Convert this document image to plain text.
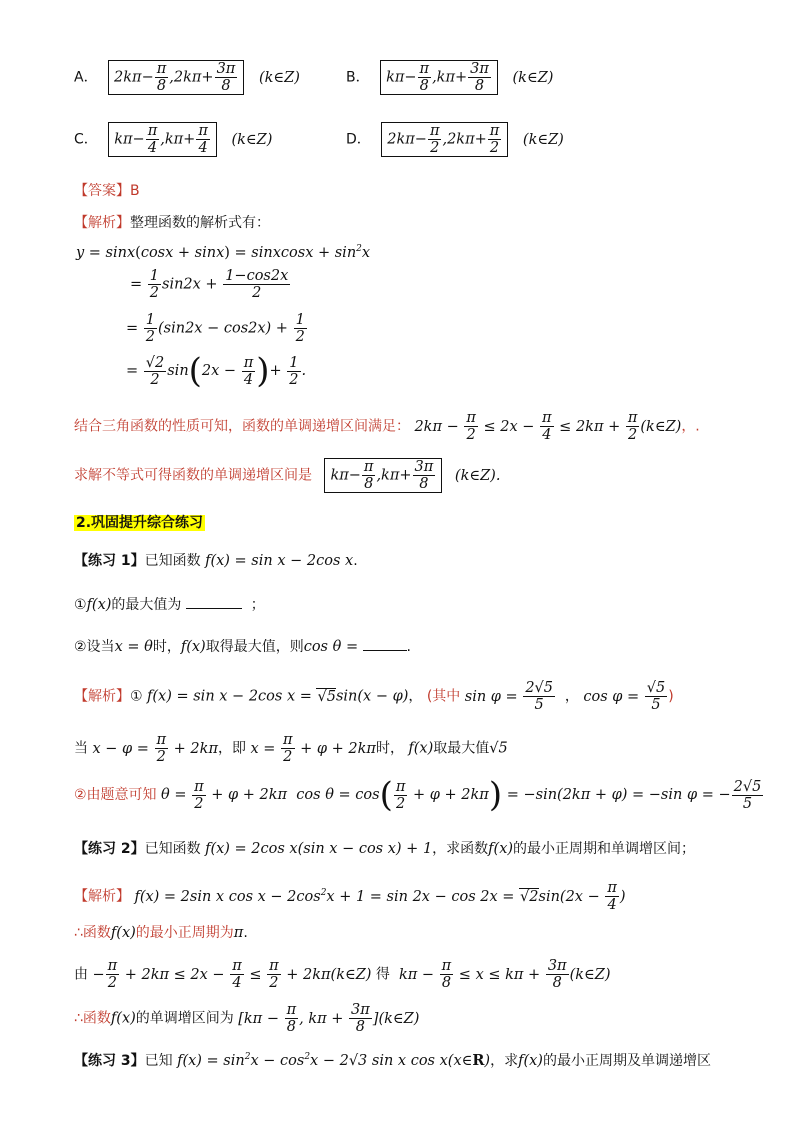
A． $2k\pi- \frac{\pi}{8} ,2k\pi+ \frac{3\pi}{8}$ (k∈Z)	B． $k\pi- \frac{\pi}{8} ,k\pi+ \frac{3\pi}{8}$ (k∈Z)
C． $k\pi- \frac{\pi}{4} ,k\pi+ \frac{\pi}{4}$ (k∈Z)	D． $2k\pi- \frac{\pi}{2} ,2k\pi+ \frac{\pi}{2}$ (k∈Z)
【答案】B
【解析】整理函数的解析式有：
y = sinx(cosx + sinx) = sinxcosx + $\sin^2x$
= $\frac{1}{2} \sin 2x + \frac{1-\cos 2x}{2}$
= $\frac{1}{2} (\sin 2x - \cos 2x) + \frac{1}{2}$
= $\frac{√2}{2} \sin(2x - \frac{\pi}{4}$ )+ $\frac{1}{2}$ .
结合三角函数的性质可知，函数的单调递增区间满足： $2k\pi - \frac{\pi}{2} \le 2x - \frac{\pi}{4} \le 2k\pi + \frac{\pi}{2}$ (k∈Z)，.
求解不等式可得函数的单调递增区间是 $k\pi- \frac{\pi}{8} ,k\pi+ \frac{3\pi}{8}$ (k∈Z).
2.巩固提升综合练习
【练习 1】已知函数 f(x) = sin x − 2cos x.
①f(x)的最大值为	；
②设当x = θ时，f(x)取得最大值，则cos θ =	.
【解析】① f(x) = sin x − 2cos x = √5sin(x − φ)， (其中 $\sin \varphi = \frac{2√5}{5}$ ， $\cos \varphi = \frac{√5}{5}$ )
当 $x - \varphi = \frac{\pi}{2} + 2k\pi$，即 $x = \frac{\pi}{2} + \varphi + 2k\pi$时， f(x)取最大值√5
②由题意可知 $\theta = \frac{\pi}{2} + \varphi + 2k\pi$  $\cos \theta = \cos( \frac{\pi}{2} + \varphi + 2k\pi) = -\sin(2k\pi + \varphi) = -\sin$ φ = − $\frac{2√5}{5}$
【练习 2】已知函数 f(x) = 2cos x(sin x − cos x) + 1，求函数f(x)的最小正周期和单调增区间；
【解析】 f(x) = 2sin x $\cos x - 2\cos^2x + 1 = \sin 2x - \cos 2x = √2\sin(2x - \frac{\pi}{4}$ )
∴函数f(x)的最小正周期为π.
由 − $\frac{\pi}{2} + 2k\pi \le 2x - \frac{\pi}{4} \le \frac{\pi}{2}$ + 2kπ(k∈Z) 得  $k\pi - \frac{\pi}{8} \le x \le k\pi + \frac{3\pi}{8}$ (k∈Z)
∴函数f(x)的单调增区间为 [$k\pi - \frac{\pi}{8}$ , $k\pi + \frac{3\pi}{8}$ ](k∈Z)
【练习 3】已知 $f(x) = \sin^2x - \cos^2x - 2√3$ sin x cos x(x∈R)，求f(x)的最小正周期及单调递增区
